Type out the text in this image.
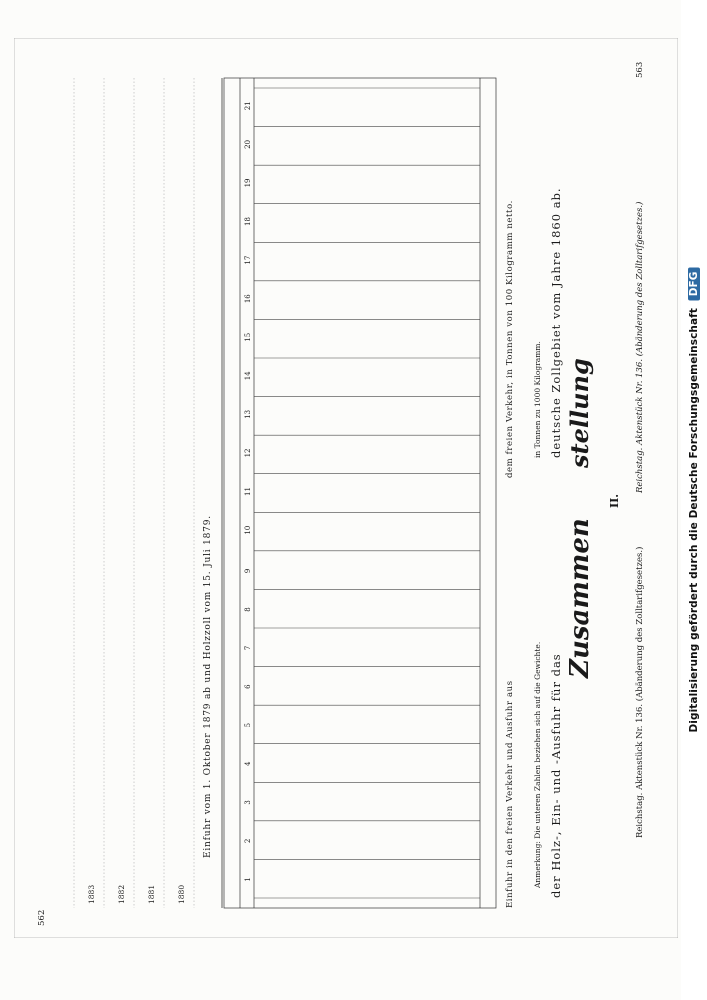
Reichstag. Aktenstück Nr. 136. (Abänderung des Zolltarifgesetzes.)
Reichstag. Aktenstück Nr. 136. (Abänderung des Zolltarifgesetzes.)
563
562
stellung
Zusammen
II.
deutsche Zollgebiet vom Jahre 1860 ab.
der Holz-, Ein- und -Ausfuhr für das
in Tonnen zu 1000 Kilogramm.
Anmerkung: Die unteren Zahlen beziehen sich auf die Gewichte.
dem freien Verkehr, in Tonnen von 100 Kilogramm netto.
Einfuhr in den freien Verkehr und Ausfuhr aus
1
2
3
4
5
6
7
8
9
10
11
12
13
14
15
16
17
18
19
20
21
Einfuhr vom 1. Oktober 1879 ab und Holzzoll vom 15. Juli 1879.
1880
1881
1882
1883
Digitalisierung gefördert durch die Deutsche Forschungsgemeinschaft DFG
